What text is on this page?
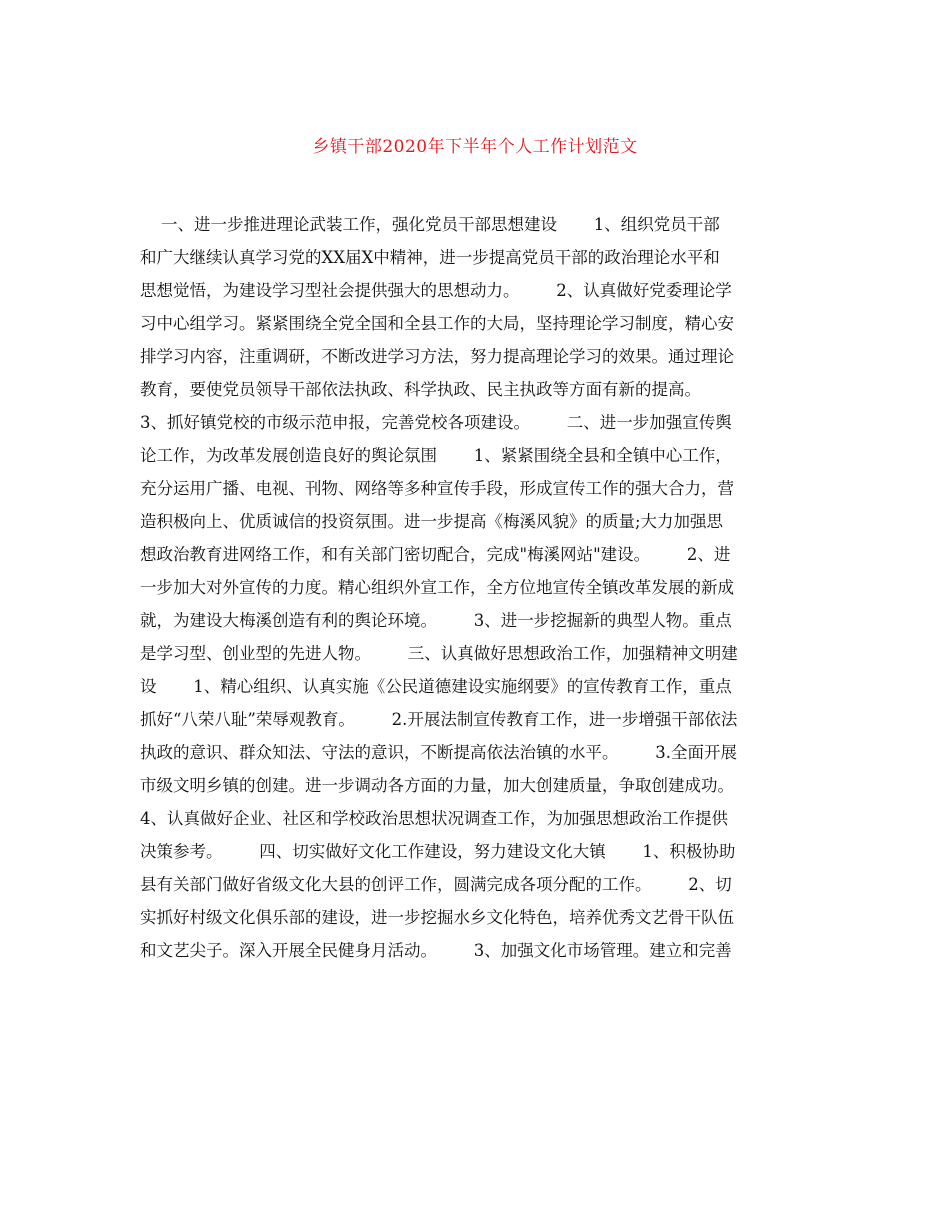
乡镇干部2020年下半年个人工作计划范文
一、进一步推进理论武装工作，强化党员干部思想建设       1、组织党员干部
和广大继续认真学习党的XX届X中精神，进一步提高党员干部的政治理论水平和
思想觉悟，为建设学习型社会提供强大的思想动力。       2、认真做好党委理论学
习中心组学习。紧紧围绕全党全国和全县工作的大局，坚持理论学习制度，精心安
排学习内容，注重调研，不断改进学习方法，努力提高理论学习的效果。通过理论
教育，要使党员领导干部依法执政、科学执政、民主执政等方面有新的提高。
3、抓好镇党校的市级示范申报，完善党校各项建设。       二、进一步加强宣传舆
论工作，为改革发展创造良好的舆论氛围       1、紧紧围绕全县和全镇中心工作，
充分运用广播、电视、刊物、网络等多种宣传手段，形成宣传工作的强大合力，营
造积极向上、优质诚信的投资氛围。进一步提高《梅溪风貌》的质量;大力加强思
想政治教育进网络工作，和有关部门密切配合，完成"梅溪网站"建设。       2、进
一步加大对外宣传的力度。精心组织外宣工作，全方位地宣传全镇改革发展的新成
就，为建设大梅溪创造有利的舆论环境。       3、进一步挖掘新的典型人物。重点
是学习型、创业型的先进人物。       三、认真做好思想政治工作，加强精神文明建
设       1、精心组织、认真实施《公民道德建设实施纲要》的宣传教育工作，重点
抓好“八荣八耻”荣辱观教育。       2.开展法制宣传教育工作，进一步增强干部依法
执政的意识、群众知法、守法的意识，不断提高依法治镇的水平。       3.全面开展
市级文明乡镇的创建。进一步调动各方面的力量，加大创建质量，争取创建成功。
4、认真做好企业、社区和学校政治思想状况调查工作，为加强思想政治工作提供
决策参考。       四、切实做好文化工作建设，努力建设文化大镇       1、积极协助
县有关部门做好省级文化大县的创评工作，圆满完成各项分配的工作。       2、切
实抓好村级文化俱乐部的建设，进一步挖掘水乡文化特色，培养优秀文艺骨干队伍
和文艺尖子。深入开展全民健身月活动。       3、加强文化市场管理。建立和完善
